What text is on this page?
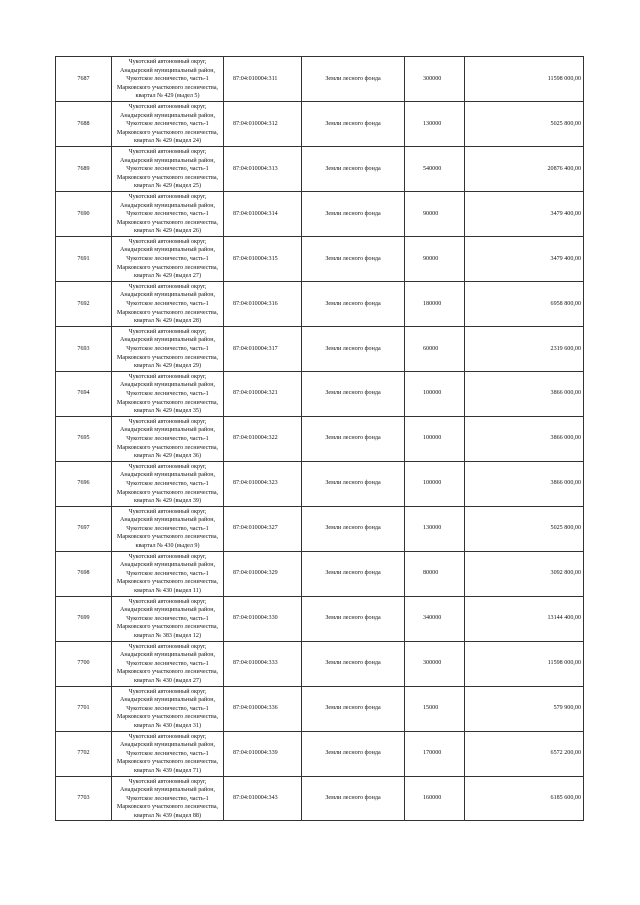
7687	Чукотский автономный округ,
Анадырский муниципальный район,
Чукотское лесничество, часть-1
Марковского участкового лесничества,
квартал № 429 (выдел 5)	87:04:010004:311	Земли лесного фонда	300000	11598 000,00
7688	Чукотский автономный округ,
Анадырский муниципальный район,
Чукотское лесничество, часть-1
Марковского участкового лесничества,
квартал № 429 (выдел 24)	87:04:010004:312	Земли лесного фонда	130000	5025 800,00
7689	Чукотский автономный округ,
Анадырский муниципальный район,
Чукотское лесничество, часть-1
Марковского участкового лесничества,
квартал № 429 (выдел 25)	87:04:010004:313	Земли лесного фонда	540000	20876 400,00
7690	Чукотский автономный округ,
Анадырский муниципальный район,
Чукотское лесничество, часть-1
Марковского участкового лесничества,
квартал № 429 (выдел 26)	87:04:010004:314	Земли лесного фонда	90000	3479 400,00
7691	Чукотский автономный округ,
Анадырский муниципальный район,
Чукотское лесничество, часть-1
Марковского участкового лесничества,
квартал № 429 (выдел 27)	87:04:010004:315	Земли лесного фонда	90000	3479 400,00
7692	Чукотский автономный округ,
Анадырский муниципальный район,
Чукотское лесничество, часть-1
Марковского участкового лесничества,
квартал № 429 (выдел 28)	87:04:010004:316	Земли лесного фонда	180000	6958 800,00
7693	Чукотский автономный округ,
Анадырский муниципальный район,
Чукотское лесничество, часть-1
Марковского участкового лесничества,
квартал № 429 (выдел 29)	87:04:010004:317	Земли лесного фонда	60000	2319 600,00
7694	Чукотский автономный округ,
Анадырский муниципальный район,
Чукотское лесничество, часть-1
Марковского участкового лесничества,
квартал № 429 (выдел 35)	87:04:010004:321	Земли лесного фонда	100000	3866 000,00
7695	Чукотский автономный округ,
Анадырский муниципальный район,
Чукотское лесничество, часть-1
Марковского участкового лесничества,
квартал № 429 (выдел 36)	87:04:010004:322	Земли лесного фонда	100000	3866 000,00
7696	Чукотский автономный округ,
Анадырский муниципальный район,
Чукотское лесничество, часть-1
Марковского участкового лесничества,
квартал № 429 (выдел 39)	87:04:010004:323	Земли лесного фонда	100000	3866 000,00
7697	Чукотский автономный округ,
Анадырский муниципальный район,
Чукотское лесничество, часть-1
Марковского участкового лесничества,
квартал № 430 (выдел 9)	87:04:010004:327	Земли лесного фонда	130000	5025 800,00
7698	Чукотский автономный округ,
Анадырский муниципальный район,
Чукотское лесничество, часть-1
Марковского участкового лесничества,
квартал № 430 (выдел 11)	87:04:010004:329	Земли лесного фонда	80000	3092 800,00
7699	Чукотский автономный округ,
Анадырский муниципальный район,
Чукотское лесничество, часть-1
Марковского участкового лесничества,
квартал № 383 (выдел 12)	87:04:010004:330	Земли лесного фонда	340000	13144 400,00
7700	Чукотский автономный округ,
Анадырский муниципальный район,
Чукотское лесничество, часть-1
Марковского участкового лесничества,
квартал № 430 (выдел 27)	87:04:010004:333	Земли лесного фонда	300000	11598 000,00
7701	Чукотский автономный округ,
Анадырский муниципальный район,
Чукотское лесничество, часть-1
Марковского участкового лесничества,
квартал № 430 (выдел 31)	87:04:010004:336	Земли лесного фонда	15000	579 900,00
7702	Чукотский автономный округ,
Анадырский муниципальный район,
Чукотское лесничество, часть-1
Марковского участкового лесничества,
квартал № 439 (выдел 71)	87:04:010004:339	Земли лесного фонда	170000	6572 200,00
7703	Чукотский автономный округ,
Анадырский муниципальный район,
Чукотское лесничество, часть-1
Марковского участкового лесничества,
квартал № 439 (выдел 88)	87:04:010004:343	Земли лесного фонда	160000	6185 600,00
